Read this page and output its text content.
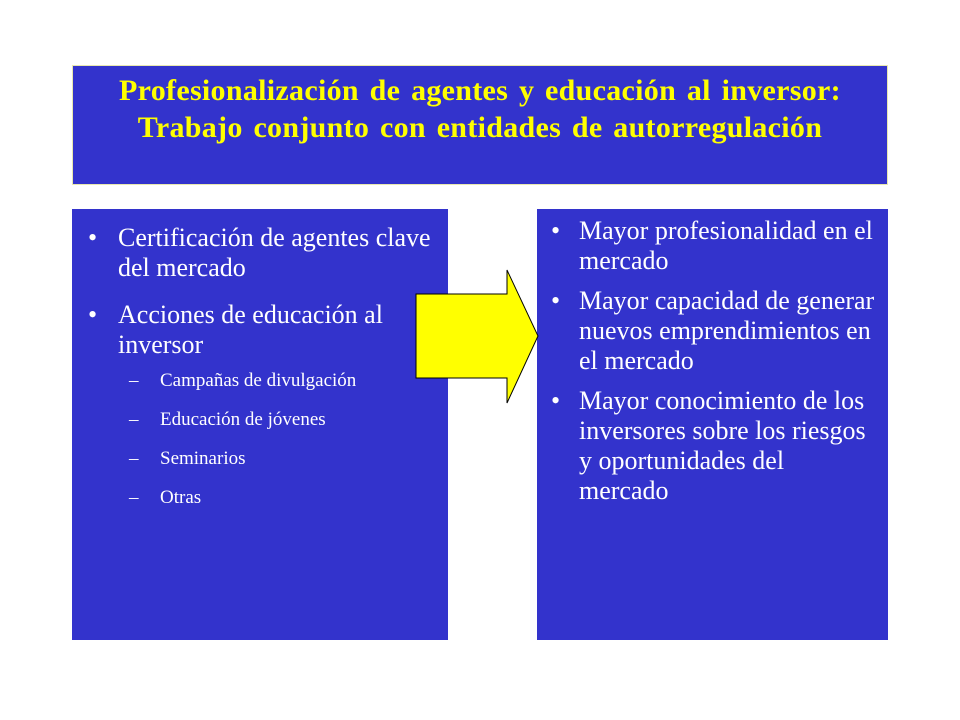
Profesionalización de agentes y educación al inversor: Trabajo conjunto con entidades de autorregulación
• Certificación de agentes clave del mercado
• Acciones de educación al inversor
– Campañas de divulgación
– Educación de jóvenes
– Seminarios
– Otras
• Mayor profesionalidad en el mercado
• Mayor capacidad de generar nuevos emprendimientos en el mercado
• Mayor conocimiento de los inversores sobre los riesgos y oportunidades del mercado
